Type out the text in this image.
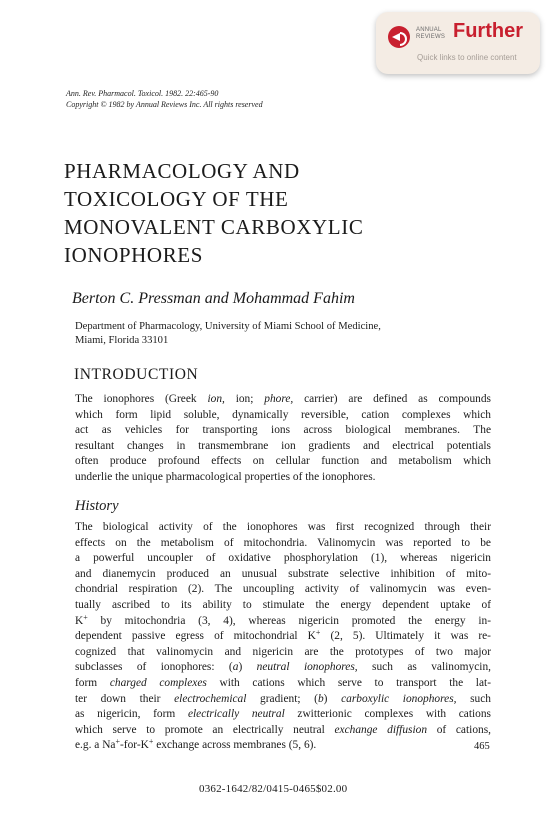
ANNUAL
REVIEWS Further
Quick links to online content
Ann. Rev. Pharmacol. Toxicol. 1982. 22:465-90
Copyright © 1982 by Annual Reviews Inc. All rights reserved
PHARMACOLOGY AND
TOXICOLOGY OF THE
MONOVALENT CARBOXYLIC
IONOPHORES
Berton C. Pressman and Mohammad Fahim
Department of Pharmacology, University of Miami School of Medicine,
Miami, Florida 33101
INTRODUCTION
The ionophores (Greek ion, ion; phore, carrier) are defined as compounds
which form lipid soluble, dynamically reversible, cation complexes which
act as vehicles for transporting ions across biological membranes. The
resultant changes in transmembrane ion gradients and electrical potentials
often produce profound effects on cellular function and metabolism which
underlie the unique pharmacological properties of the ionophores.
History
The biological activity of the ionophores was first recognized through their
effects on the metabolism of mitochondria. Valinomycin was reported to be
a powerful uncoupler of oxidative phosphorylation (1), whereas nigericin
and dianemycin produced an unusual substrate selective inhibition of mito-
chondrial respiration (2). The uncoupling activity of valinomycin was even-
tually ascribed to its ability to stimulate the energy dependent uptake of
K+ by mitochondria (3, 4), whereas nigericin promoted the energy in-
dependent passive egress of mitochondrial K+ (2, 5). Ultimately it was re-
cognized that valinomycin and nigericin are the prototypes of two major
subclasses of ionophores: (a) neutral ionophores, such as valinomycin,
form charged complexes with cations which serve to transport the lat-
ter down their electrochemical gradient; (b) carboxylic ionophores, such
as nigericin, form electrically neutral zwitterionic complexes with cations
which serve to promote an electrically neutral exchange diffusion of cations,
e.g. a Na+-for-K+ exchange across membranes (5, 6).	465
0362-1642/82/0415-0465$02.00
